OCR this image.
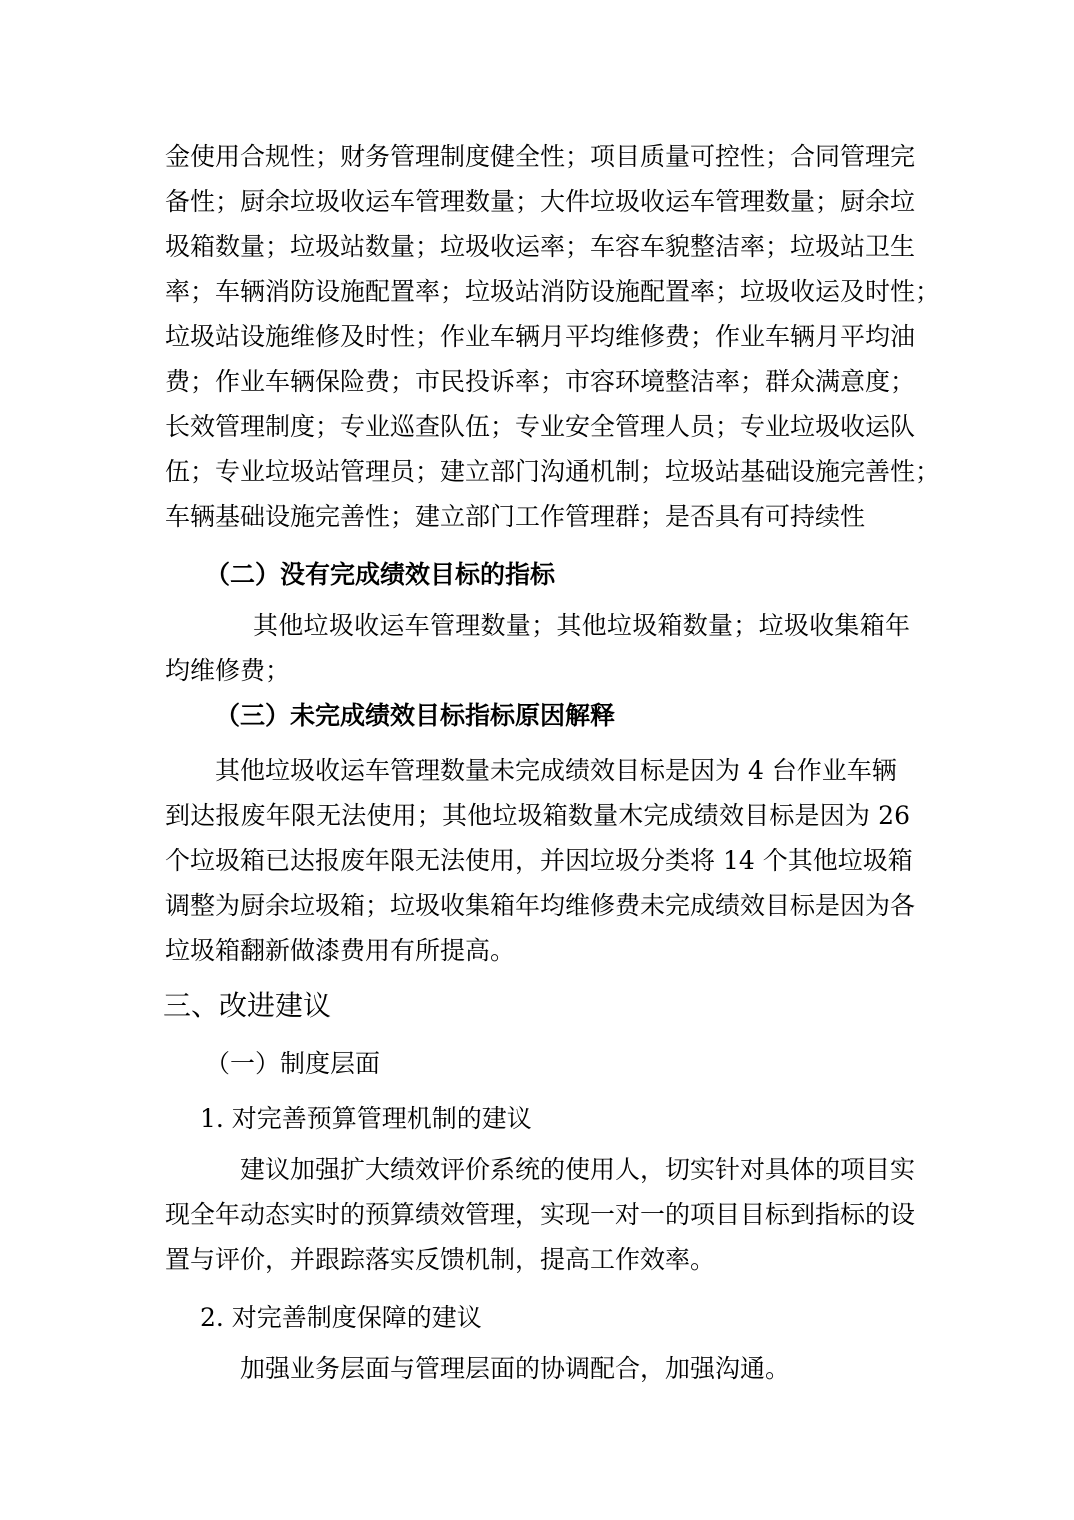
金使用合规性；财务管理制度健全性；项目质量可控性；合同管理完
备性；厨余垃圾收运车管理数量；大件垃圾收运车管理数量；厨余垃
圾箱数量；垃圾站数量；垃圾收运率；车容车貌整洁率；垃圾站卫生
率；车辆消防设施配置率；垃圾站消防设施配置率；垃圾收运及时性；
垃圾站设施维修及时性；作业车辆月平均维修费；作业车辆月平均油
费；作业车辆保险费；市民投诉率；市容环境整洁率；群众满意度；
长效管理制度；专业巡查队伍；专业安全管理人员；专业垃圾收运队
伍；专业垃圾站管理员；建立部门沟通机制；垃圾站基础设施完善性；
车辆基础设施完善性；建立部门工作管理群；是否具有可持续性
（二）没有完成绩效目标的指标
其他垃圾收运车管理数量；其他垃圾箱数量；垃圾收集箱年
均维修费；
（三）未完成绩效目标指标原因解释
其他垃圾收运车管理数量未完成绩效目标是因为 4 台作业车辆
到达报废年限无法使用；其他垃圾箱数量木完成绩效目标是因为 26
个垃圾箱已达报废年限无法使用，并因垃圾分类将 14 个其他垃圾箱
调整为厨余垃圾箱；垃圾收集箱年均维修费未完成绩效目标是因为各
垃圾箱翻新做漆费用有所提高。
三、改进建议
（一）制度层面
1. 对完善预算管理机制的建议
建议加强扩大绩效评价系统的使用人，切实针对具体的项目实
现全年动态实时的预算绩效管理，实现一对一的项目目标到指标的设
置与评价，并跟踪落实反馈机制，提高工作效率。
2. 对完善制度保障的建议
加强业务层面与管理层面的协调配合，加强沟通。
